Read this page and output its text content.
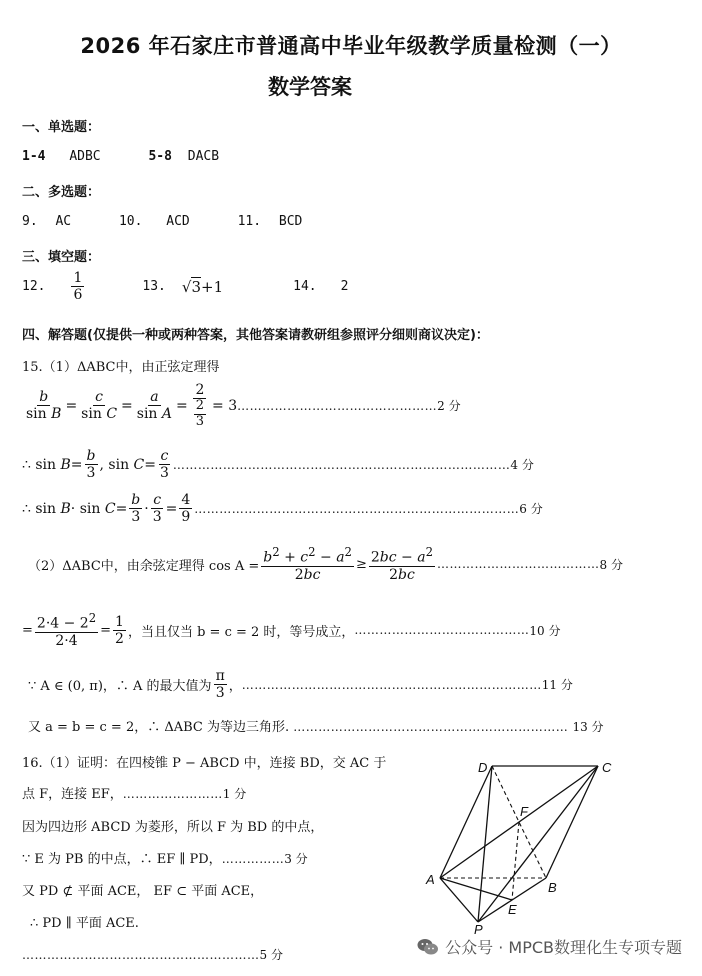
2026 年石家庄市普通高中毕业年级教学质量检测（一）
数学答案
一、单选题：
1-4 ADBC	5-8 DACB
二、多选题：
9. AC	10. ACD	11. BCD
三、填空题：
12. $\frac{1}{6}$	13. √3+1	14. 2
四、解答题(仅提供一种或两种答案，其他答案请教研组参照评分细则商议决定)：
15.（1）ΔABC中，由正弦定理得
$\frac{b}{\text{sin B}} = \frac{c}{\text{sin C}} = \frac{a}{\text{sin A}} = \frac{2}{\frac{2}{3}} = 3$ ………………………………………… 2 分
∴ $\sin B = \frac{b}{3}$ , $\sin C = \frac{c}{3}$ ……………………………………………………………………… 4 分
∴ $\sin B \cdot \sin C = \frac{b}{3} \cdot \frac{c}{3} = \frac{4}{9}$ …………………………………………………………………… 6 分
（2）ΔABC中，由余弦定理得 $\cos A = \frac{b^2 + c^2 - a^2}{2bc} \ge \frac{2bc - a^2}{2bc}$ ………………………………… 8 分
= $\frac{2\cdot 4 - 2^2}{2\cdot 4} = \frac{1}{2}$ ，当且仅当 b = c = 2 时，等号成立， …………………………………… 10 分
∵ A ∈ (0, π)，∴ A 的最大值为 $\frac{\pi}{3}$ ， ……………………………………………………………… 11 分
又 a = b = c = 2，∴ ΔABC 为等边三角形. ………………………………………………………… 13 分
16.（1）证明：在四棱锥 P − ABCD 中，连接 BD，交 AC 于
点 F，连接 EF，……………………1 分
因为四边形 ABCD 为菱形，所以 F 为 BD 的中点，
∵ E 为 PB 的中点，∴ EF ∥ PD，……………3 分
又 PD ⊄ 平面 ACE， EF ⊂ 平面 ACE，
∴ PD ∥ 平面 ACE.
…………………………………………………5 分
D	C
F
A
B
E
P
公众号 · MPCB数理化生专项专题
